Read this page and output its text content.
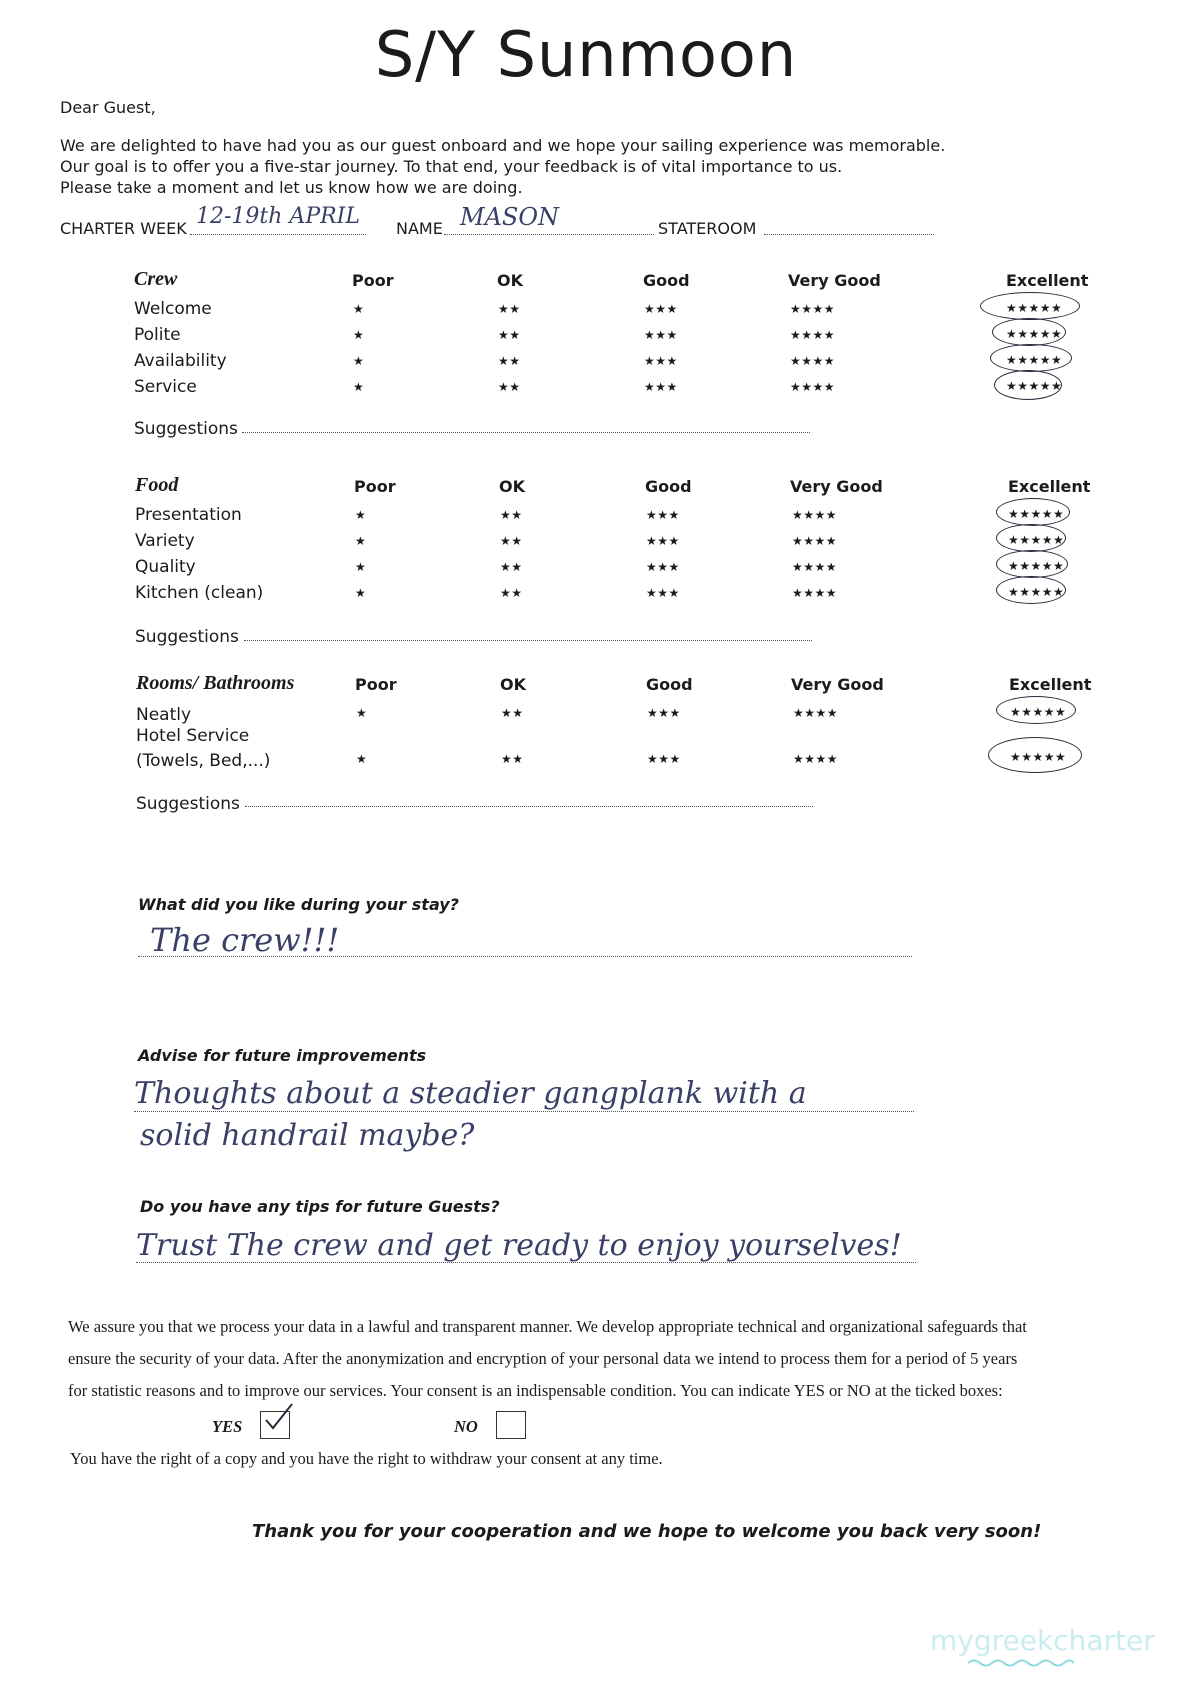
S/Y Sunmoon
Dear Guest,
We are delighted to have had you as our guest onboard and we hope your sailing experience was memorable.
Our goal is to offer you a five-star journey. To that end, your feedback is of vital importance to us.
Please take a moment and let us know how we are doing.
CHARTER WEEK 12-19th APRIL NAME MASON	STATEROOM
Crew	Poor	OK	Good	Very Good	Excellent
Welcome	★	★★	★★★	★★★★	★★★★★
Polite	★	★★	★★★	★★★★	★★★★★
Availability	★	★★	★★★	★★★★	★★★★★
Service	★	★★	★★★	★★★★	★★★★★
Suggestions
Food	Poor	OK	Good	Very Good	Excellent
Presentation	★	★★	★★★	★★★★	★★★★★
Variety	★	★★	★★★	★★★★	★★★★★
Quality	★	★★	★★★	★★★★	★★★★★
Kitchen (clean)	★	★★	★★★	★★★★	★★★★★
Suggestions
Rooms/ Bathrooms	Poor	OK	Good	Very Good	Excellent
Neatly	★	★★	★★★	★★★★	★★★★★
Hotel Service
(Towels, Bed,...)	★	★★	★★★	★★★★	★★★★★
Suggestions
What did you like during your stay?
The crew!!!
Advise for future improvements
Thoughts about a steadier gangplank with a
solid handrail maybe?
Do you have any tips for future Guests?
Trust The crew and get ready to enjoy yourselves!
We assure you that we process your data in a lawful and transparent manner. We develop appropriate technical and organizational safeguards that
ensure the security of your data. After the anonymization and encryption of your personal data we intend to process them for a period of 5 years
for statistic reasons and to improve our services. Your consent is an indispensable condition. You can indicate YES or NO at the ticked boxes:
YES	NO
You have the right of a copy and you have the right to withdraw your consent at any time.
Thank you for your cooperation and we hope to welcome you back very soon!
mygreekcharter
